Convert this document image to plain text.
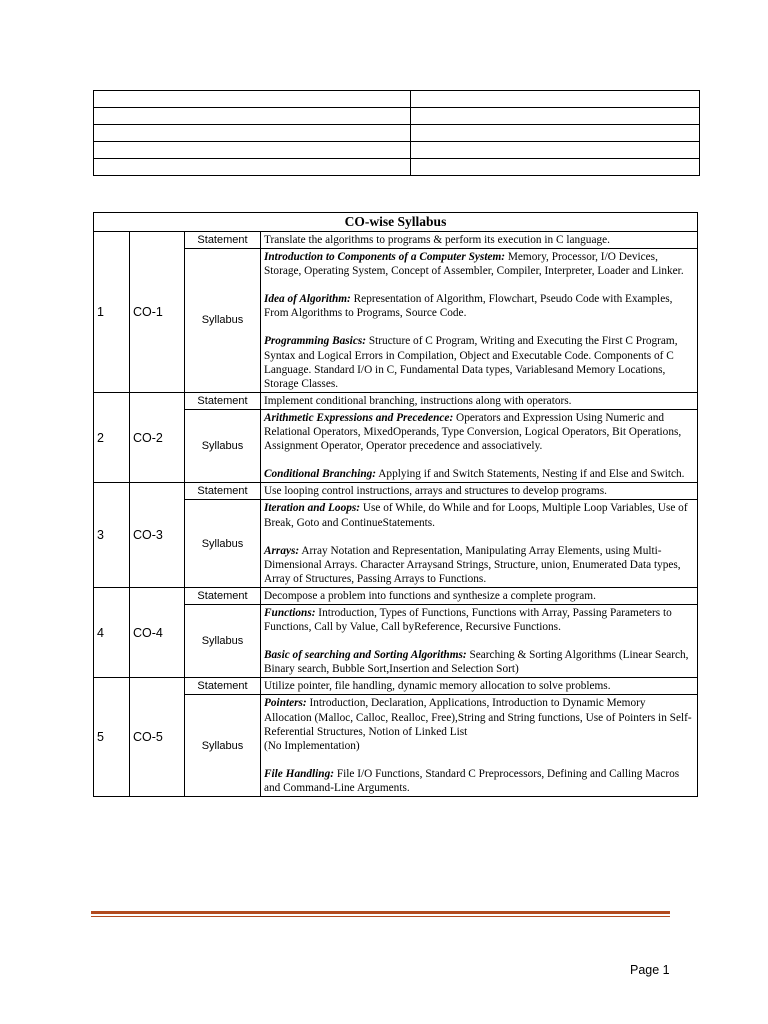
CO-wise Syllabus			
1	CO-1	Statement	Translate the algorithms to programs & perform its execution in C language.
		Syllabus	Introduction to Components of a Computer System: Memory, Processor, I/O Devices, Storage, Operating System, Concept of Assembler, Compiler, Interpreter, Loader and Linker.

Idea of Algorithm: Representation of Algorithm, Flowchart, Pseudo Code with Examples, From Algorithms to Programs, Source Code.

Programming Basics: Structure of C Program, Writing and Executing the First C Program, Syntax and Logical Errors in Compilation, Object and Executable Code. Components of C Language. Standard I/O in C, Fundamental Data types, Variablesand Memory Locations, Storage Classes.

2	CO-2	Statement	Implement conditional branching, instructions along with operators.
		Syllabus	Arithmetic Expressions and Precedence: Operators and Expression Using Numeric and Relational Operators, MixedOperands, Type Conversion, Logical Operators, Bit Operations, Assignment Operator, Operator precedence and associatively.

Conditional Branching: Applying if and Switch Statements, Nesting if and Else and Switch.

3	CO-3	Statement	Use looping control instructions, arrays and structures to develop programs.
		Syllabus	Iteration and Loops: Use of While, do While and for Loops, Multiple Loop Variables, Use of Break, Goto and ContinueStatements.

Arrays: Array Notation and Representation, Manipulating Array Elements, using Multi-Dimensional Arrays. Character Arraysand Strings, Structure, union, Enumerated Data types, Array of Structures, Passing Arrays to Functions.

4	CO-4	Statement	Decompose a problem into functions and synthesize a complete program.
		Syllabus	Functions: Introduction, Types of Functions, Functions with Array, Passing Parameters to Functions, Call by Value, Call byReference, Recursive Functions.

Basic of searching and Sorting Algorithms: Searching & Sorting Algorithms (Linear Search, Binary search, Bubble Sort,Insertion and Selection Sort)

5	CO-5	Statement	Utilize pointer, file handling, dynamic memory allocation to solve problems.
		Syllabus	Pointers: Introduction, Declaration, Applications, Introduction to Dynamic Memory Allocation (Malloc, Calloc, Realloc, Free),String and String functions, Use of Pointers in Self-Referential Structures, Notion of Linked List

(No Implementation)

File Handling: File I/O Functions, Standard C Preprocessors, Defining and Calling Macros and Command-Line Arguments.

Page 1
